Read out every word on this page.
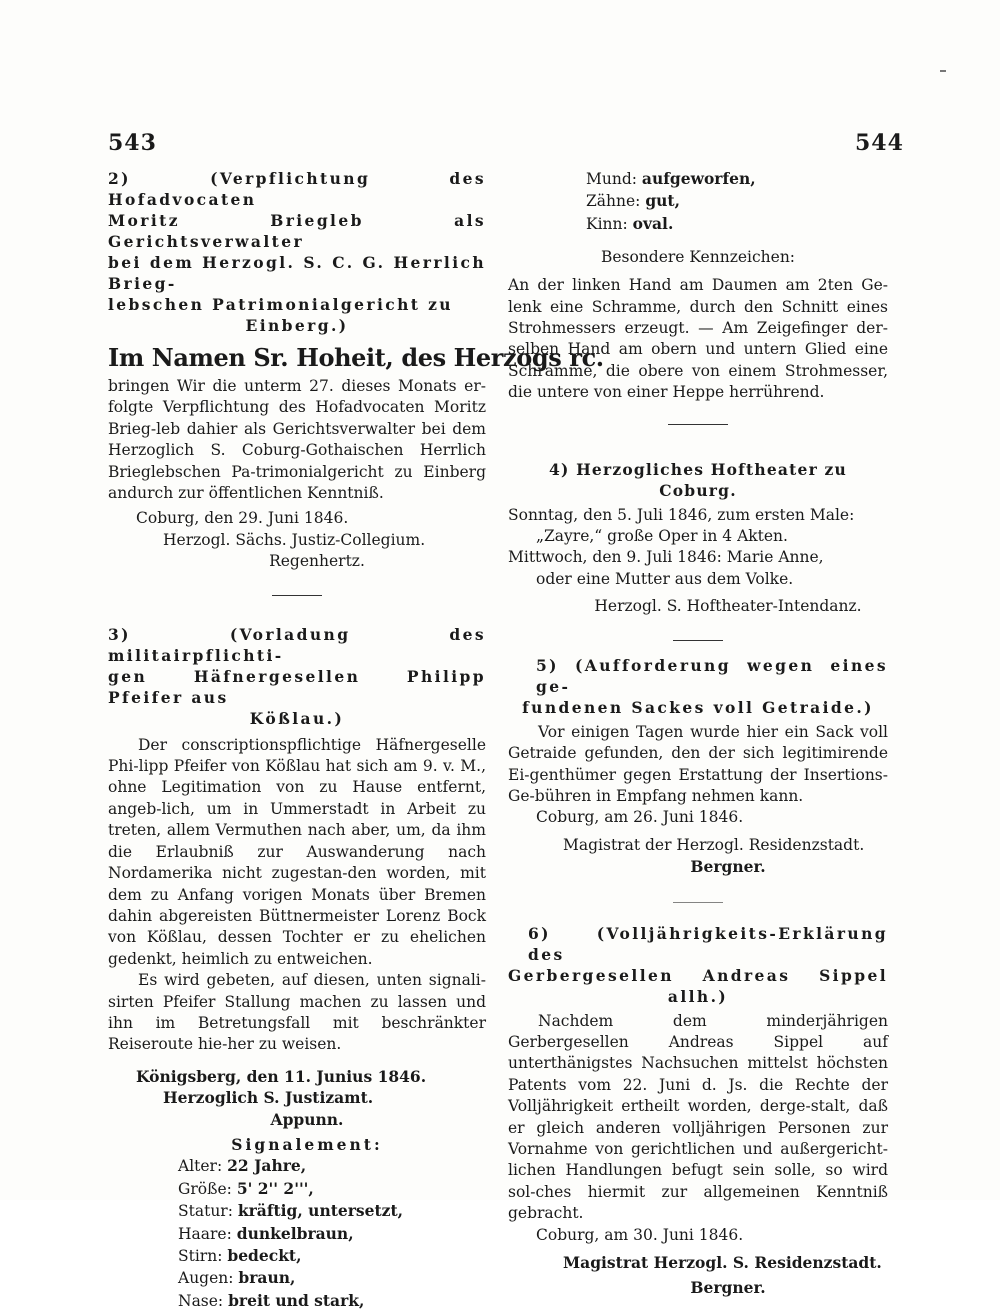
543	544

2) (Verpflichtung des Hofadvocaten

Moritz Briegleb als Gerichtsverwalter

bei dem Herzogl. S. C. G. Herrlich Brieg-

lebschen Patrimonialgericht zu

Einberg.)

Im Namen Sr. Hoheit, des Herzogs rc.

bringen Wir die unterm 27. dieses Monats er-folgte Verpflichtung des Hofadvocaten Moritz Brieg-leb dahier als Gerichtsverwalter bei dem Herzoglich S. Coburg-Gothaischen Herrlich Brieglebschen Pa-trimonialgericht zu Einberg andurch zur öffentlichen Kenntniß.

Coburg, den 29. Juni 1846.

Herzogl. Sächs. Justiz-Collegium.

Regenhertz.

3) (Vorladung des militairpflichti-

gen Häfnergesellen Philipp Pfeifer aus

Kößlau.)

Der conscriptionspflichtige Häfnergeselle Phi-lipp Pfeifer von Kößlau hat sich am 9. v. M., ohne Legitimation von zu Hause entfernt, angeb-lich, um in Ummerstadt in Arbeit zu treten, allem Vermuthen nach aber, um, da ihm die Erlaubniß zur Auswanderung nach Nordamerika nicht zugestan-den worden, mit dem zu Anfang vorigen Monats über Bremen dahin abgereisten Büttnermeister Lorenz Bock von Kößlau, dessen Tochter er zu ehelichen gedenkt, heimlich zu entweichen.

Es wird gebeten, auf diesen, unten signali-sirten Pfeifer Stallung machen zu lassen und ihn im Betretungsfall mit beschränkter Reiseroute hie-her zu weisen.

Königsberg, den 11. Junius 1846.

Herzoglich S. Justizamt.

Appunn.

Signalement:

Alter: 22 Jahre,
Größe: 5' 2'' 2''',
Statur: kräftig, untersetzt,
Haare: dunkelbraun,
Stirn: bedeckt,
Augen: braun,
Nase: breit und stark,
Mund: aufgeworfen,
Zähne: gut,
Kinn: oval.

Besondere Kennzeichen:

An der linken Hand am Daumen am 2ten Ge-lenk eine Schramme, durch den Schnitt eines Strohmessers erzeugt. — Am Zeigefinger der-selben Hand am obern und untern Glied eine Schramme, die obere von einem Strohmesser, die untere von einer Heppe herrührend.

4) Herzogliches Hoftheater zu Coburg.

Sonntag, den 5. Juli 1846, zum ersten Male:

„Zayre,“ große Oper in 4 Akten.

Mittwoch, den 9. Juli 1846: Marie Anne,

oder eine Mutter aus dem Volke.

Herzogl. S. Hoftheater-Intendanz.

5) (Aufforderung wegen eines ge-

fundenen Sackes voll Getraide.)

Vor einigen Tagen wurde hier ein Sack voll Getraide gefunden, den der sich legitimirende Ei-genthümer gegen Erstattung der Insertions-Ge-bühren in Empfang nehmen kann.

Coburg, am 26. Juni 1846.

Magistrat der Herzogl. Residenzstadt.

Bergner.

6) (Volljährigkeits-Erklärung des

Gerbergesellen Andreas Sippel allh.)

Nachdem dem minderjährigen Gerbergesellen Andreas Sippel auf unterthänigstes Nachsuchen mittelst höchsten Patents vom 22. Juni d. Js. die Rechte der Volljährigkeit ertheilt worden, derge-stalt, daß er gleich anderen volljährigen Personen zur Vornahme von gerichtlichen und außergericht-lichen Handlungen befugt sein solle, so wird sol-ches hiermit zur allgemeinen Kenntniß gebracht.

Coburg, am 30. Juni 1846.

Magistrat Herzogl. S. Residenzstadt.

Bergner.
